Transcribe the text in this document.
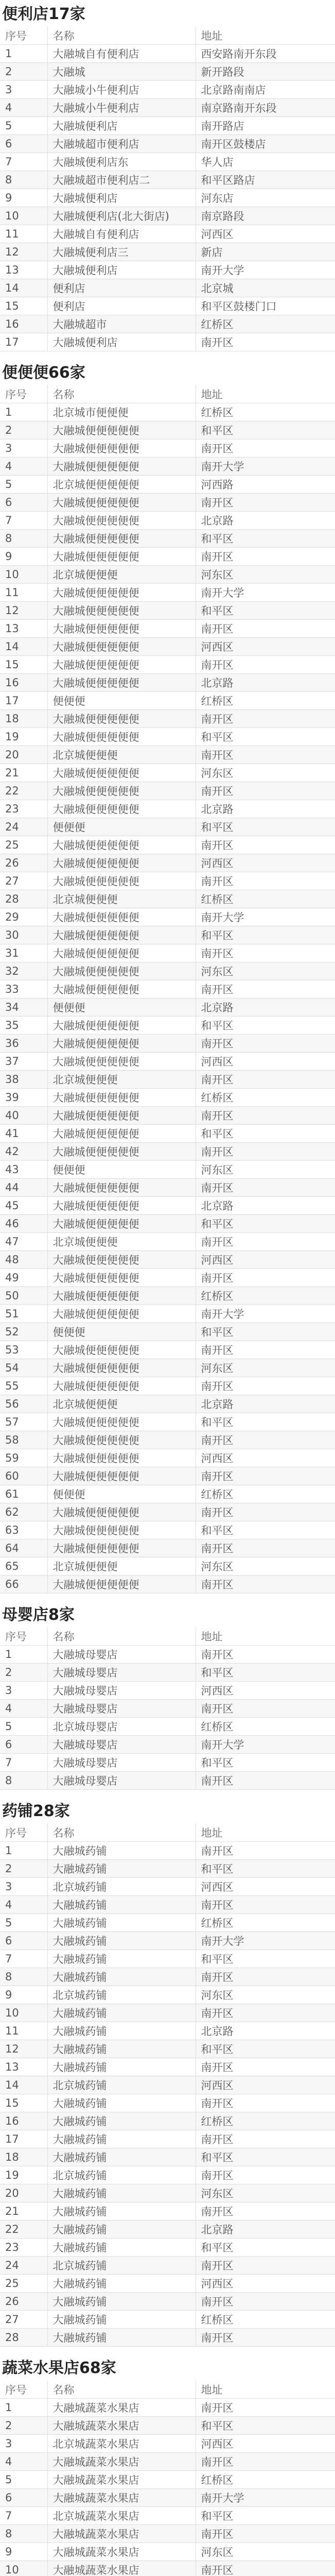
便利店17家
序号	名称	地址
1	大融城自有便利店	西安路南开东段
2	大融城	新开路段
3	大融城小牛便利店	北京路南南店
4	大融城小牛便利店	南京路南开东段
5	大融城便利店	南开路店
6	大融城超市便利店	南开区鼓楼店
7	大融城便利店东	华人店
8	大融城超市便利店二	和平区路店
9	大融城便利店	河东店
10	大融城便利店(北大街店)	南京路段
11	大融城自有便利店	河西区
12	大融城便利店三	新店
13	大融城便利店	南开大学
14	便利店	北京城
15	便利店	和平区鼓楼门口
16	大融城超市	红桥区
17	大融城便利店	南开区
便便便66家
序号	名称	地址
1	北京城市便便便	红桥区
2	大融城便便便便便	和平区
3	大融城便便便便便	南开区
4	大融城便便便便便	南开大学
5	北京城便便便便便	河西路
6	大融城便便便便便	南开区
7	大融城便便便便便	北京路
8	大融城便便便便便	和平区
9	大融城便便便便便	南开区
10	北京城便便便	河东区
11	大融城便便便便便	南开大学
12	大融城便便便便便	和平区
13	大融城便便便便便	南开区
14	大融城便便便便便	河西区
15	大融城便便便便便	南开区
16	大融城便便便便便	北京路
17	便便便	红桥区
18	大融城便便便便便	南开区
19	大融城便便便便便	和平区
20	北京城便便便	南开区
21	大融城便便便便便	河东区
22	大融城便便便便便	南开区
23	大融城便便便便便	北京路
24	便便便	和平区
25	大融城便便便便便	南开区
26	大融城便便便便便	河西区
27	大融城便便便便便	南开区
28	北京城便便便	红桥区
29	大融城便便便便便	南开大学
30	大融城便便便便便	和平区
31	大融城便便便便便	南开区
32	大融城便便便便便	河东区
33	大融城便便便便便	南开区
34	便便便	北京路
35	大融城便便便便便	和平区
36	大融城便便便便便	南开区
37	大融城便便便便便	河西区
38	北京城便便便	南开区
39	大融城便便便便便	红桥区
40	大融城便便便便便	南开区
41	大融城便便便便便	和平区
42	大融城便便便便便	南开区
43	便便便	河东区
44	大融城便便便便便	南开区
45	大融城便便便便便	北京路
46	大融城便便便便便	和平区
47	北京城便便便	南开区
48	大融城便便便便便	河西区
49	大融城便便便便便	南开区
50	大融城便便便便便	红桥区
51	大融城便便便便便	南开大学
52	便便便	和平区
53	大融城便便便便便	南开区
54	大融城便便便便便	河东区
55	大融城便便便便便	南开区
56	北京城便便便	北京路
57	大融城便便便便便	和平区
58	大融城便便便便便	南开区
59	大融城便便便便便	河西区
60	大融城便便便便便	南开区
61	便便便	红桥区
62	大融城便便便便便	南开区
63	大融城便便便便便	和平区
64	大融城便便便便便	南开区
65	北京城便便便	河东区
66	大融城便便便便便	南开区
母婴店8家
序号	名称	地址
1	大融城母婴店	南开区
2	大融城母婴店	和平区
3	大融城母婴店	河西区
4	大融城母婴店	南开区
5	北京城母婴店	红桥区
6	大融城母婴店	南开大学
7	大融城母婴店	和平区
8	大融城母婴店	南开区
药铺28家
序号	名称	地址
1	大融城药铺	南开区
2	大融城药铺	和平区
3	北京城药铺	河西区
4	大融城药铺	南开区
5	大融城药铺	红桥区
6	大融城药铺	南开大学
7	大融城药铺	和平区
8	大融城药铺	南开区
9	北京城药铺	河东区
10	大融城药铺	南开区
11	大融城药铺	北京路
12	大融城药铺	和平区
13	大融城药铺	南开区
14	北京城药铺	河西区
15	大融城药铺	南开区
16	大融城药铺	红桥区
17	大融城药铺	南开区
18	大融城药铺	和平区
19	北京城药铺	南开区
20	大融城药铺	河东区
21	大融城药铺	南开区
22	大融城药铺	北京路
23	大融城药铺	和平区
24	北京城药铺	南开区
25	大融城药铺	河西区
26	大融城药铺	南开区
27	大融城药铺	红桥区
28	大融城药铺	南开区
蔬菜水果店68家
序号	名称	地址
1	大融城蔬菜水果店	南开区
2	大融城蔬菜水果店	和平区
3	北京城蔬菜水果店	河西区
4	大融城蔬菜水果店	南开区
5	大融城蔬菜水果店	红桥区
6	大融城蔬菜水果店	南开大学
7	北京城蔬菜水果店	和平区
8	大融城蔬菜水果店	南开区
9	大融城蔬菜水果店	河东区
10	大融城蔬菜水果店	南开区
